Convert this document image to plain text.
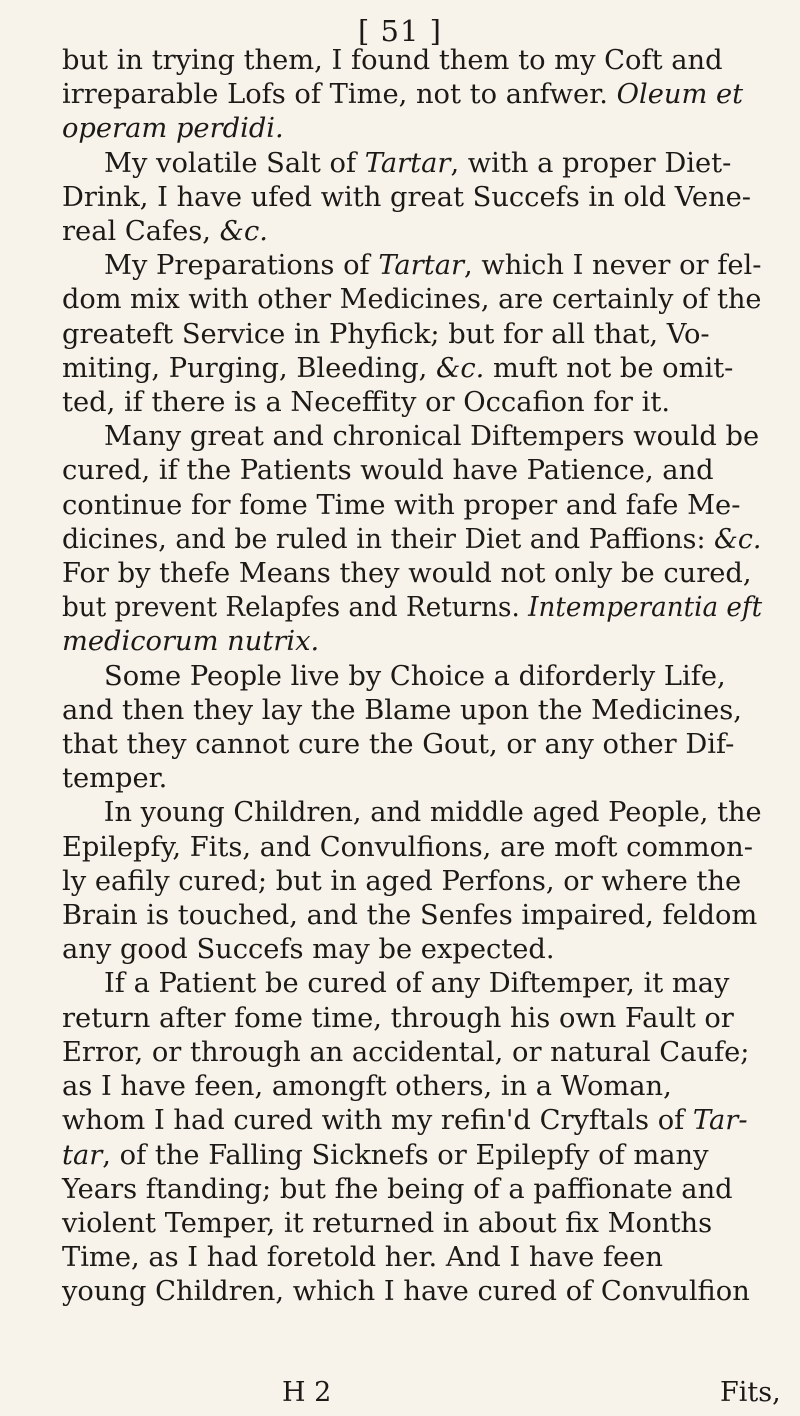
[ 51 ]
but in trying them, I found them to my Coft and
irreparable Lofs of Time, not to anfwer. Oleum et
operam perdidi.
My volatile Salt of Tartar, with a proper Diet-
Drink, I have ufed with great Succefs in old Vene-
real Cafes, &c.
My Preparations of Tartar, which I never or fel-
dom mix with other Medicines, are certainly of the
greateft Service in Phyfick; but for all that, Vo-
miting, Purging, Bleeding, &c. muft not be omit-
ted, if there is a Neceffity or Occafion for it.
Many great and chronical Diftempers would be
cured, if the Patients would have Patience, and
continue for fome Time with proper and fafe Me-
dicines, and be ruled in their Diet and Paffions: &c.
For by thefe Means they would not only be cured,
but prevent Relapfes and Returns. Intemperantia eft
medicorum nutrix.
Some People live by Choice a diforderly Life,
and then they lay the Blame upon the Medicines,
that they cannot cure the Gout, or any other Dif-
temper.
In young Children, and middle aged People, the
Epilepfy, Fits, and Convulfions, are moft common-
ly eafily cured; but in aged Perfons, or where the
Brain is touched, and the Senfes impaired, feldom
any good Succefs may be expected.
If a Patient be cured of any Diftemper, it may
return after fome time, through his own Fault or
Error, or through an accidental, or natural Caufe;
as I have feen, amongft others, in a Woman,
whom I had cured with my refin'd Cryftals of Tar-
tar, of the Falling Sicknefs or Epilepfy of many
Years ftanding; but fhe being of a paffionate and
violent Temper, it returned in about fix Months
Time, as I had foretold her. And I have feen
young Children, which I have cured of Convulfion
H 2	Fits,
